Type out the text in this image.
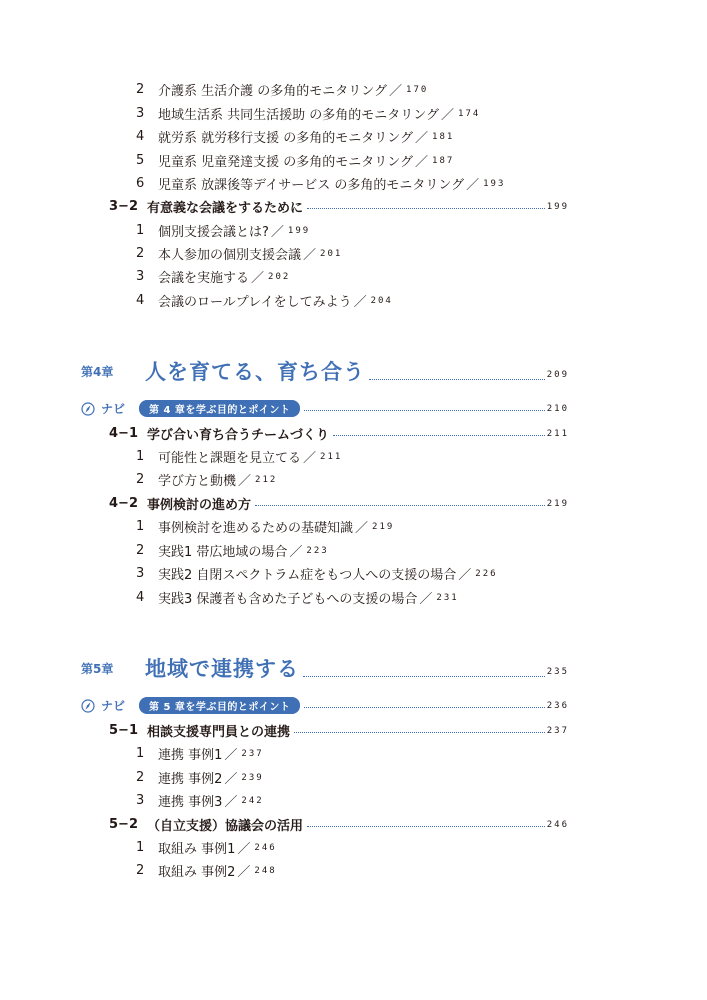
2	介護系 生活介護 の多角的モニタリング ／ 170
3	地域生活系 共同生活援助 の多角的モニタリング ／ 174
4	就労系 就労移行支援 の多角的モニタリング ／ 181
5	児童系 児童発達支援 の多角的モニタリング ／ 187
6	児童系 放課後等デイサービス の多角的モニタリング ／ 193
3−2 有意義な会議をするために	199
1	個別支援会議とは? ／ 199
2	本人参加の個別支援会議 ／ 201
3	会議を実施する ／ 202
4	会議のロールプレイをしてみよう ／ 204
第4章	人を育てる、育ち合う	209
ナビ	第 4 章を学ぶ目的とポイント	210
4−1 学び合い育ち合うチームづくり	211
1	可能性と課題を見立てる ／ 211
2	学び方と動機 ／ 212
4−2 事例検討の進め方	219
1	事例検討を進めるための基礎知識 ／ 219
2	実践1 帯広地域の場合 ／ 223
3	実践2 自閉スペクトラム症をもつ人への支援の場合 ／ 226
4	実践3 保護者も含めた子どもへの支援の場合 ／ 231
第5章	地域で連携する	235
ナビ	第 5 章を学ぶ目的とポイント	236
5−1 相談支援専門員との連携	237
1	連携 事例1 ／ 237
2	連携 事例2 ／ 239
3	連携 事例3 ／ 242
5−2 （自立支援）協議会の活用	246
1	取組み 事例1 ／ 246
2	取組み 事例2 ／ 248
